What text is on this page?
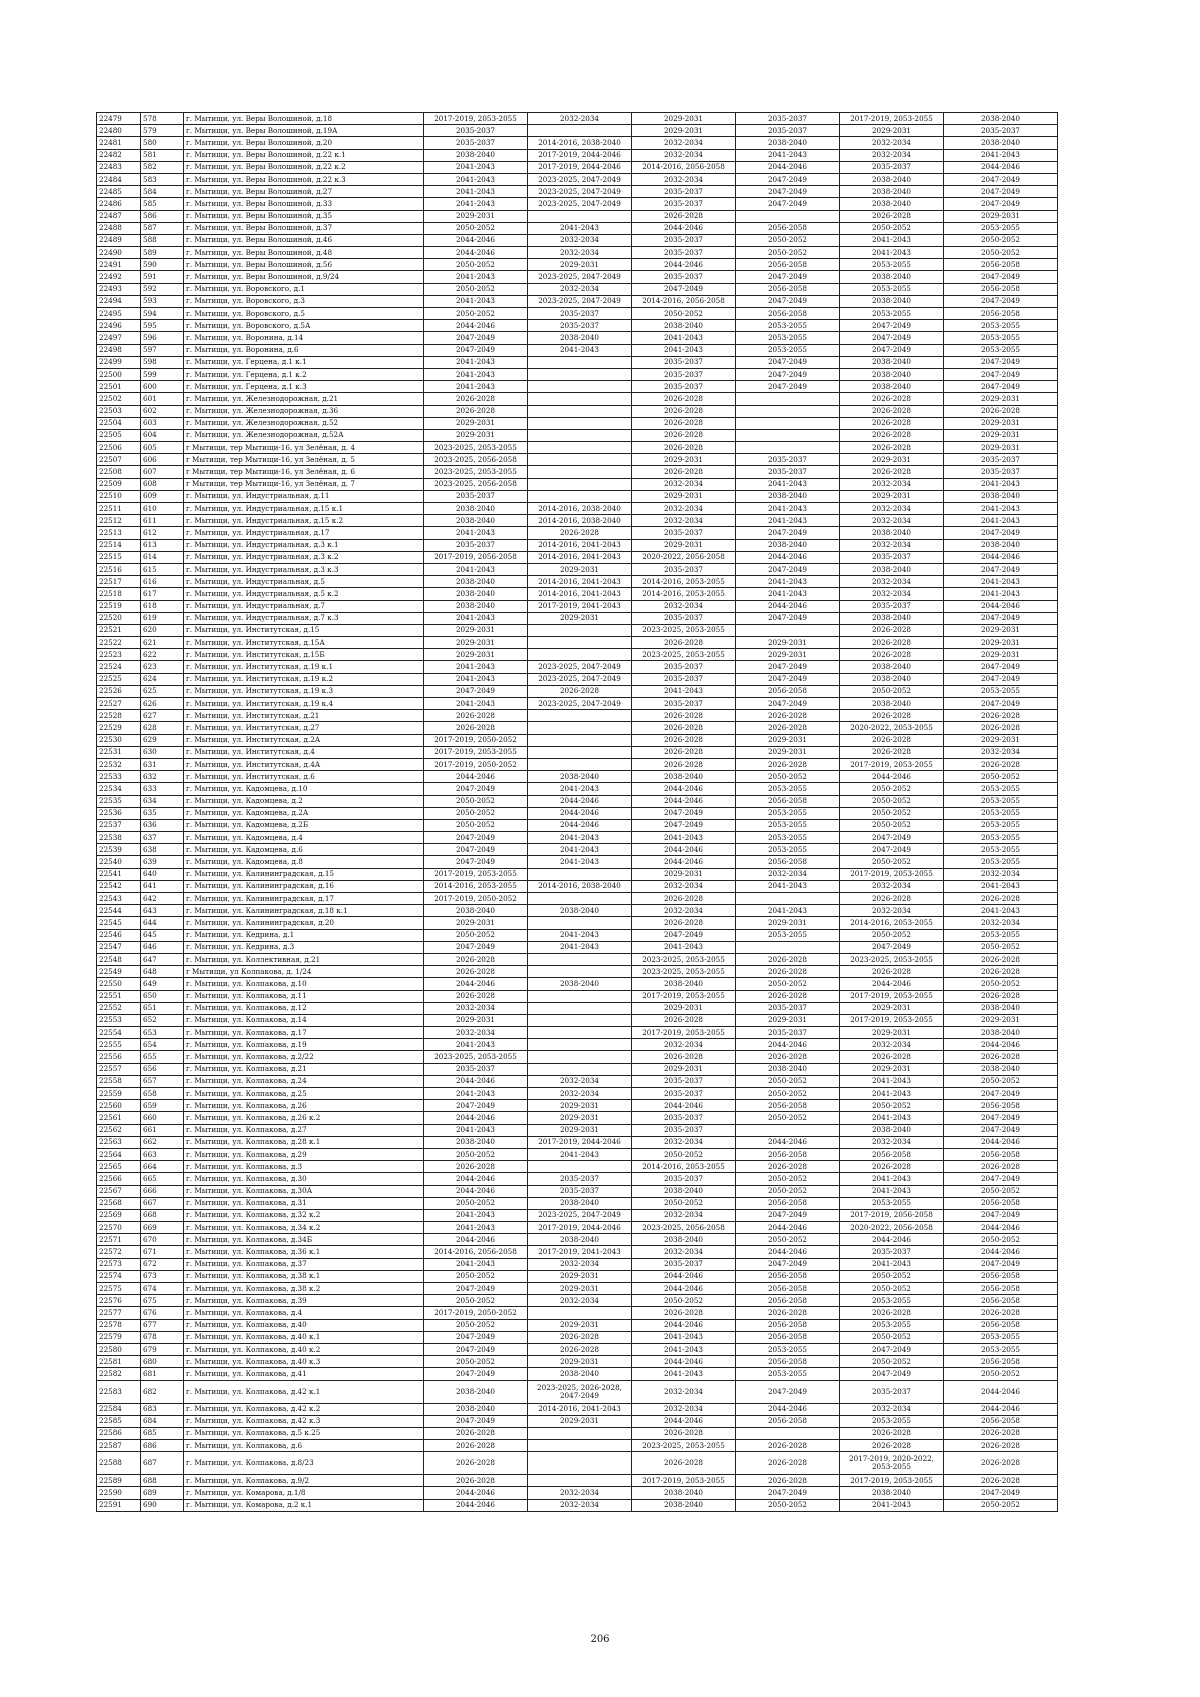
22479	578	г. Мытищи, ул. Веры Волошиной, д.18	2017-2019, 2053-2055	2032-2034	2029-2031	2035-2037	2017-2019, 2053-2055	2038-2040
22480	579	г. Мытищи, ул. Веры Волошиной, д.19А	2035-2037		2029-2031	2035-2037	2029-2031	2035-2037
22481	580	г. Мытищи, ул. Веры Волошиной, д.20	2035-2037	2014-2016, 2038-2040	2032-2034	2038-2040	2032-2034	2038-2040
22482	581	г. Мытищи, ул. Веры Волошиной, д.22 к.1	2038-2040	2017-2019, 2044-2046	2032-2034	2041-2043	2032-2034	2041-2043
22483	582	г. Мытищи, ул. Веры Волошиной, д.22 к.2	2041-2043	2017-2019, 2044-2046	2014-2016, 2056-2058	2044-2046	2035-2037	2044-2046
22484	583	г. Мытищи, ул. Веры Волошиной, д.22 к.3	2041-2043	2023-2025, 2047-2049	2032-2034	2047-2049	2038-2040	2047-2049
22485	584	г. Мытищи, ул. Веры Волошиной, д.27	2041-2043	2023-2025, 2047-2049	2035-2037	2047-2049	2038-2040	2047-2049
22486	585	г. Мытищи, ул. Веры Волошиной, д.33	2041-2043	2023-2025, 2047-2049	2035-2037	2047-2049	2038-2040	2047-2049
22487	586	г. Мытищи, ул. Веры Волошиной, д.35	2029-2031		2026-2028		2026-2028	2029-2031
22488	587	г. Мытищи, ул. Веры Волошиной, д.37	2050-2052	2041-2043	2044-2046	2056-2058	2050-2052	2053-2055
22489	588	г. Мытищи, ул. Веры Волошиной, д.46	2044-2046	2032-2034	2035-2037	2050-2052	2041-2043	2050-2052
22490	589	г. Мытищи, ул. Веры Волошиной, д.48	2044-2046	2032-2034	2035-2037	2050-2052	2041-2043	2050-2052
22491	590	г. Мытищи, ул. Веры Волошиной, д.56	2050-2052	2029-2031	2044-2046	2056-2058	2053-2055	2056-2058
22492	591	г. Мытищи, ул. Веры Волошиной, д.9/24	2041-2043	2023-2025, 2047-2049	2035-2037	2047-2049	2038-2040	2047-2049
22493	592	г. Мытищи, ул. Воровского, д.1	2050-2052	2032-2034	2047-2049	2056-2058	2053-2055	2056-2058
22494	593	г. Мытищи, ул. Воровского, д.3	2041-2043	2023-2025, 2047-2049	2014-2016, 2056-2058	2047-2049	2038-2040	2047-2049
22495	594	г. Мытищи, ул. Воровского, д.5	2050-2052	2035-2037	2050-2052	2056-2058	2053-2055	2056-2058
22496	595	г. Мытищи, ул. Воровского, д.5А	2044-2046	2035-2037	2038-2040	2053-2055	2047-2049	2053-2055
22497	596	г. Мытищи, ул. Воронина, д.14	2047-2049	2038-2040	2041-2043	2053-2055	2047-2049	2053-2055
22498	597	г. Мытищи, ул. Воронина, д.6	2047-2049	2041-2043	2041-2043	2053-2055	2047-2049	2053-2055
22499	598	г. Мытищи, ул. Герцена, д.1 к.1	2041-2043		2035-2037	2047-2049	2038-2040	2047-2049
22500	599	г. Мытищи, ул. Герцена, д.1 к.2	2041-2043		2035-2037	2047-2049	2038-2040	2047-2049
22501	600	г. Мытищи, ул. Герцена, д.1 к.3	2041-2043		2035-2037	2047-2049	2038-2040	2047-2049
22502	601	г. Мытищи, ул. Железнодорожная, д.21	2026-2028		2026-2028		2026-2028	2029-2031
22503	602	г. Мытищи, ул. Железнодорожная, д.36	2026-2028		2026-2028		2026-2028	2026-2028
22504	603	г. Мытищи, ул. Железнодорожная, д.52	2029-2031		2026-2028		2026-2028	2029-2031
22505	604	г. Мытищи, ул. Железнодорожная, д.52А	2029-2031		2026-2028		2026-2028	2029-2031
22506	605	г Мытищи, тер Мытищи-16, ул Зелёная, д. 4	2023-2025, 2053-2055		2026-2028		2026-2028	2029-2031
22507	606	г Мытищи, тер Мытищи-16, ул Зелёная, д. 5	2023-2025, 2056-2058		2029-2031	2035-2037	2029-2031	2035-2037
22508	607	г Мытищи, тер Мытищи-16, ул Зелёная, д. 6	2023-2025, 2053-2055		2026-2028	2035-2037	2026-2028	2035-2037
22509	608	г Мытищи, тер Мытищи-16, ул Зелёная, д. 7	2023-2025, 2056-2058		2032-2034	2041-2043	2032-2034	2041-2043
22510	609	г. Мытищи, ул. Индустриальная, д.11	2035-2037		2029-2031	2038-2040	2029-2031	2038-2040
22511	610	г. Мытищи, ул. Индустриальная, д.15 к.1	2038-2040	2014-2016, 2038-2040	2032-2034	2041-2043	2032-2034	2041-2043
22512	611	г. Мытищи, ул. Индустриальная, д.15 к.2	2038-2040	2014-2016, 2038-2040	2032-2034	2041-2043	2032-2034	2041-2043
22513	612	г. Мытищи, ул. Индустриальная, д.17	2041-2043	2026-2028	2035-2037	2047-2049	2038-2040	2047-2049
22514	613	г. Мытищи, ул. Индустриальная, д.3 к.1	2035-2037	2014-2016, 2041-2043	2029-2031	2038-2040	2032-2034	2038-2040
22515	614	г. Мытищи, ул. Индустриальная, д.3 к.2	2017-2019, 2056-2058	2014-2016, 2041-2043	2020-2022, 2056-2058	2044-2046	2035-2037	2044-2046
22516	615	г. Мытищи, ул. Индустриальная, д.3 к.3	2041-2043	2029-2031	2035-2037	2047-2049	2038-2040	2047-2049
22517	616	г. Мытищи, ул. Индустриальная, д.5	2038-2040	2014-2016, 2041-2043	2014-2016, 2053-2055	2041-2043	2032-2034	2041-2043
22518	617	г. Мытищи, ул. Индустриальная, д.5 к.2	2038-2040	2014-2016, 2041-2043	2014-2016, 2053-2055	2041-2043	2032-2034	2041-2043
22519	618	г. Мытищи, ул. Индустриальная, д.7	2038-2040	2017-2019, 2041-2043	2032-2034	2044-2046	2035-2037	2044-2046
22520	619	г. Мытищи, ул. Индустриальная, д.7 к.3	2041-2043	2029-2031	2035-2037	2047-2049	2038-2040	2047-2049
22521	620	г. Мытищи, ул. Институтская, д.15	2029-2031		2023-2025, 2053-2055		2026-2028	2029-2031
22522	621	г. Мытищи, ул. Институтская, д.15А	2029-2031		2026-2028	2029-2031	2026-2028	2029-2031
22523	622	г. Мытищи, ул. Институтская, д.15Б	2029-2031		2023-2025, 2053-2055	2029-2031	2026-2028	2029-2031
22524	623	г. Мытищи, ул. Институтская, д.19 к.1	2041-2043	2023-2025, 2047-2049	2035-2037	2047-2049	2038-2040	2047-2049
22525	624	г. Мытищи, ул. Институтская, д.19 к.2	2041-2043	2023-2025, 2047-2049	2035-2037	2047-2049	2038-2040	2047-2049
22526	625	г. Мытищи, ул. Институтская, д.19 к.3	2047-2049	2026-2028	2041-2043	2056-2058	2050-2052	2053-2055
22527	626	г. Мытищи, ул. Институтская, д.19 к.4	2041-2043	2023-2025, 2047-2049	2035-2037	2047-2049	2038-2040	2047-2049
22528	627	г. Мытищи, ул. Институтская, д.21	2026-2028		2026-2028	2026-2028	2026-2028	2026-2028
22529	628	г. Мытищи, ул. Институтская, д.27	2026-2028		2026-2028	2026-2028	2020-2022, 2053-2055	2026-2028
22530	629	г. Мытищи, ул. Институтская, д.2А	2017-2019, 2050-2052		2026-2028	2029-2031	2026-2028	2029-2031
22531	630	г. Мытищи, ул. Институтская, д.4	2017-2019, 2053-2055		2026-2028	2029-2031	2026-2028	2032-2034
22532	631	г. Мытищи, ул. Институтская, д.4А	2017-2019, 2050-2052		2026-2028	2026-2028	2017-2019, 2053-2055	2026-2028
22533	632	г. Мытищи, ул. Институтская, д.6	2044-2046	2038-2040	2038-2040	2050-2052	2044-2046	2050-2052
22534	633	г. Мытищи, ул. Кадомцева, д.10	2047-2049	2041-2043	2044-2046	2053-2055	2050-2052	2053-2055
22535	634	г. Мытищи, ул. Кадомцева, д.2	2050-2052	2044-2046	2044-2046	2056-2058	2050-2052	2053-2055
22536	635	г. Мытищи, ул. Кадомцева, д.2А	2050-2052	2044-2046	2047-2049	2053-2055	2050-2052	2053-2055
22537	636	г. Мытищи, ул. Кадомцева, д.2Б	2050-2052	2044-2046	2047-2049	2053-2055	2050-2052	2053-2055
22538	637	г. Мытищи, ул. Кадомцева, д.4	2047-2049	2041-2043	2041-2043	2053-2055	2047-2049	2053-2055
22539	638	г. Мытищи, ул. Кадомцева, д.6	2047-2049	2041-2043	2044-2046	2053-2055	2047-2049	2053-2055
22540	639	г. Мытищи, ул. Кадомцева, д.8	2047-2049	2041-2043	2044-2046	2056-2058	2050-2052	2053-2055
22541	640	г. Мытищи, ул. Калининградская, д.15	2017-2019, 2053-2055		2029-2031	2032-2034	2017-2019, 2053-2055	2032-2034
22542	641	г. Мытищи, ул. Калининградская, д.16	2014-2016, 2053-2055	2014-2016, 2038-2040	2032-2034	2041-2043	2032-2034	2041-2043
22543	642	г. Мытищи, ул. Калининградская, д.17	2017-2019, 2050-2052		2026-2028		2026-2028	2026-2028
22544	643	г. Мытищи, ул. Калининградская, д.18 к.1	2038-2040	2038-2040	2032-2034	2041-2043	2032-2034	2041-2043
22545	644	г. Мытищи, ул. Калининградская, д.20	2029-2031		2026-2028	2029-2031	2014-2016, 2053-2055	2032-2034
22546	645	г. Мытищи, ул. Кедрина, д.1	2050-2052	2041-2043	2047-2049	2053-2055	2050-2052	2053-2055
22547	646	г. Мытищи, ул. Кедрина, д.3	2047-2049	2041-2043	2041-2043		2047-2049	2050-2052
22548	647	г. Мытищи, ул. Коллективная, д.21	2026-2028		2023-2025, 2053-2055	2026-2028	2023-2025, 2053-2055	2026-2028
22549	648	г Мытищи, ул Колпакова, д. 1/24	2026-2028		2023-2025, 2053-2055	2026-2028	2026-2028	2026-2028
22550	649	г. Мытищи, ул. Колпакова, д.10	2044-2046	2038-2040	2038-2040	2050-2052	2044-2046	2050-2052
22551	650	г. Мытищи, ул. Колпакова, д.11	2026-2028		2017-2019, 2053-2055	2026-2028	2017-2019, 2053-2055	2026-2028
22552	651	г. Мытищи, ул. Колпакова, д.12	2032-2034		2029-2031	2035-2037	2029-2031	2038-2040
22553	652	г. Мытищи, ул. Колпакова, д.14	2029-2031		2026-2028	2029-2031	2017-2019, 2053-2055	2029-2031
22554	653	г. Мытищи, ул. Колпакова, д.17	2032-2034		2017-2019, 2053-2055	2035-2037	2029-2031	2038-2040
22555	654	г. Мытищи, ул. Колпакова, д.19	2041-2043		2032-2034	2044-2046	2032-2034	2044-2046
22556	655	г. Мытищи, ул. Колпакова, д.2/22	2023-2025, 2053-2055		2026-2028	2026-2028	2026-2028	2026-2028
22557	656	г. Мытищи, ул. Колпакова, д.21	2035-2037		2029-2031	2038-2040	2029-2031	2038-2040
22558	657	г. Мытищи, ул. Колпакова, д.24	2044-2046	2032-2034	2035-2037	2050-2052	2041-2043	2050-2052
22559	658	г. Мытищи, ул. Колпакова, д.25	2041-2043	2032-2034	2035-2037	2050-2052	2041-2043	2047-2049
22560	659	г. Мытищи, ул. Колпакова, д.26	2047-2049	2029-2031	2044-2046	2056-2058	2050-2052	2056-2058
22561	660	г. Мытищи, ул. Колпакова, д.26 к.2	2044-2046	2029-2031	2035-2037	2050-2052	2041-2043	2047-2049
22562	661	г. Мытищи, ул. Колпакова, д.27	2041-2043	2029-2031	2035-2037		2038-2040	2047-2049
22563	662	г. Мытищи, ул. Колпакова, д.28 к.1	2038-2040	2017-2019, 2044-2046	2032-2034	2044-2046	2032-2034	2044-2046
22564	663	г. Мытищи, ул. Колпакова, д.29	2050-2052	2041-2043	2050-2052	2056-2058	2056-2058	2056-2058
22565	664	г. Мытищи, ул. Колпакова, д.3	2026-2028		2014-2016, 2053-2055	2026-2028	2026-2028	2026-2028
22566	665	г. Мытищи, ул. Колпакова, д.30	2044-2046	2035-2037	2035-2037	2050-2052	2041-2043	2047-2049
22567	666	г. Мытищи, ул. Колпакова, д.30А	2044-2046	2035-2037	2038-2040	2050-2052	2041-2043	2050-2052
22568	667	г. Мытищи, ул. Колпакова, д.31	2050-2052	2038-2040	2050-2052	2056-2058	2053-2055	2056-2058
22569	668	г. Мытищи, ул. Колпакова, д.32 к.2	2041-2043	2023-2025, 2047-2049	2032-2034	2047-2049	2017-2019, 2056-2058	2047-2049
22570	669	г. Мытищи, ул. Колпакова, д.34 к.2	2041-2043	2017-2019, 2044-2046	2023-2025, 2056-2058	2044-2046	2020-2022, 2056-2058	2044-2046
22571	670	г. Мытищи, ул. Колпакова, д.34Б	2044-2046	2038-2040	2038-2040	2050-2052	2044-2046	2050-2052
22572	671	г. Мытищи, ул. Колпакова, д.36 к.1	2014-2016, 2056-2058	2017-2019, 2041-2043	2032-2034	2044-2046	2035-2037	2044-2046
22573	672	г. Мытищи, ул. Колпакова, д.37	2041-2043	2032-2034	2035-2037	2047-2049	2041-2043	2047-2049
22574	673	г. Мытищи, ул. Колпакова, д.38 к.1	2050-2052	2029-2031	2044-2046	2056-2058	2050-2052	2056-2058
22575	674	г. Мытищи, ул. Колпакова, д.38 к.2	2047-2049	2029-2031	2044-2046	2056-2058	2050-2052	2056-2058
22576	675	г. Мытищи, ул. Колпакова, д.39	2050-2052	2032-2034	2050-2052	2056-2058	2053-2055	2056-2058
22577	676	г. Мытищи, ул. Колпакова, д.4	2017-2019, 2050-2052		2026-2028	2026-2028	2026-2028	2026-2028
22578	677	г. Мытищи, ул. Колпакова, д.40	2050-2052	2029-2031	2044-2046	2056-2058	2053-2055	2056-2058
22579	678	г. Мытищи, ул. Колпакова, д.40 к.1	2047-2049	2026-2028	2041-2043	2056-2058	2050-2052	2053-2055
22580	679	г. Мытищи, ул. Колпакова, д.40 к.2	2047-2049	2026-2028	2041-2043	2053-2055	2047-2049	2053-2055
22581	680	г. Мытищи, ул. Колпакова, д.40 к.3	2050-2052	2029-2031	2044-2046	2056-2058	2050-2052	2056-2058
22582	681	г. Мытищи, ул. Колпакова, д.41	2047-2049	2038-2040	2041-2043	2053-2055	2047-2049	2050-2052
22583	682	г. Мытищи, ул. Колпакова, д.42 к.1	2038-2040	2023-2025, 2026-2028, 2047-2049	2032-2034	2047-2049	2035-2037	2044-2046
22584	683	г. Мытищи, ул. Колпакова, д.42 к.2	2038-2040	2014-2016, 2041-2043	2032-2034	2044-2046	2032-2034	2044-2046
22585	684	г. Мытищи, ул. Колпакова, д.42 к.3	2047-2049	2029-2031	2044-2046	2056-2058	2053-2055	2056-2058
22586	685	г. Мытищи, ул. Колпакова, д.5 к.25	2026-2028		2026-2028		2026-2028	2026-2028
22587	686	г. Мытищи, ул. Колпакова, д.6	2026-2028		2023-2025, 2053-2055	2026-2028	2026-2028	2026-2028
22588	687	г. Мытищи, ул. Колпакова, д.8/23	2026-2028		2026-2028	2026-2028	2017-2019, 2020-2022, 2053-2055	2026-2028
22589	688	г. Мытищи, ул. Колпакова, д.9/2	2026-2028		2017-2019, 2053-2055	2026-2028	2017-2019, 2053-2055	2026-2028
22590	689	г. Мытищи, ул. Комарова, д.1/8	2044-2046	2032-2034	2038-2040	2047-2049	2038-2040	2047-2049
22591	690	г. Мытищи, ул. Комарова, д.2 к.1	2044-2046	2032-2034	2038-2040	2050-2052	2041-2043	2050-2052
206
